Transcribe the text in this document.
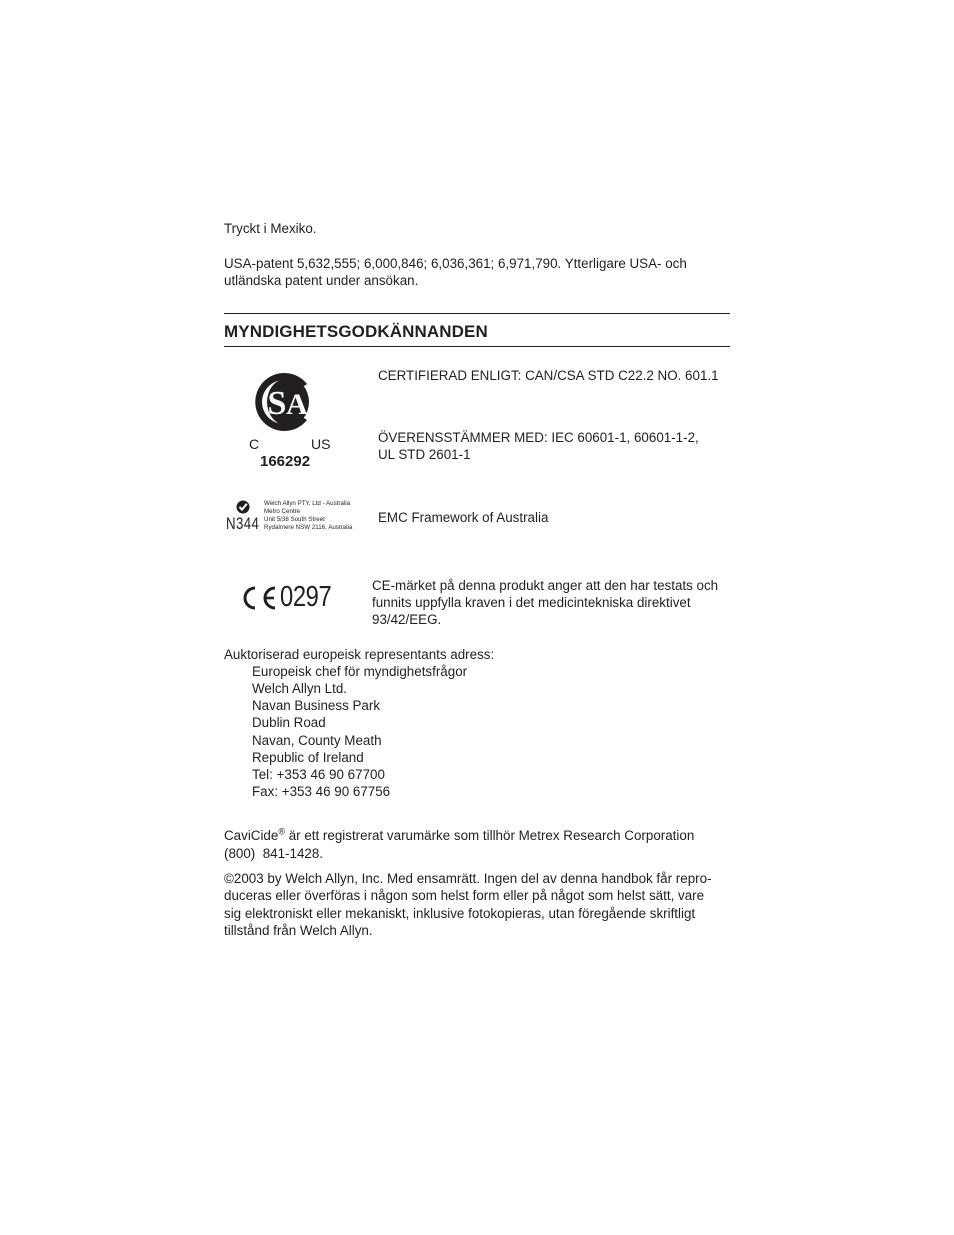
Tryckt i Mexiko.

USA-patent 5,632,555; 6,000,846; 6,036,361; 6,971,790. Ytterligare USA- och

utländska patent under ansökan.

MYNDIGHETSGODKÄNNANDEN

S A
C	US
166292

CERTIFIERAD ENLIGT: CAN/CSA STD C22.2 NO. 601.1

ÖVERENSSTÄMMER MED: IEC 60601-1, 60601-1-2,

UL STD 2601-1

N344
Welch Allyn PTY, Ltd - Australia
Metro Centre
Unit 5/38 South Street
Rydalmere NSW 2116, Australia

EMC Framework of Australia

0297	CE-märket på denna produkt anger att den har testats och

funnits uppfylla kraven i det medicintekniska direktivet

93/42/EEG.

Auktoriserad europeisk representants adress:

Europeisk chef för myndighetsfrågor

Welch Allyn Ltd.

Navan Business Park

Dublin Road

Navan, County Meath

Republic of Ireland

Tel: +353 46 90 67700

Fax: +353 46 90 67756

CaviCide® är ett registrerat varumärke som tillhör Metrex Research Corporation

(800)  841-1428.

©2003 by Welch Allyn, Inc. Med ensamrätt. Ingen del av denna handbok får repro-

duceras eller överföras i någon som helst form eller på något som helst sätt, vare

sig elektroniskt eller mekaniskt, inklusive fotokopieras, utan föregående skriftligt

tillstånd från Welch Allyn.
